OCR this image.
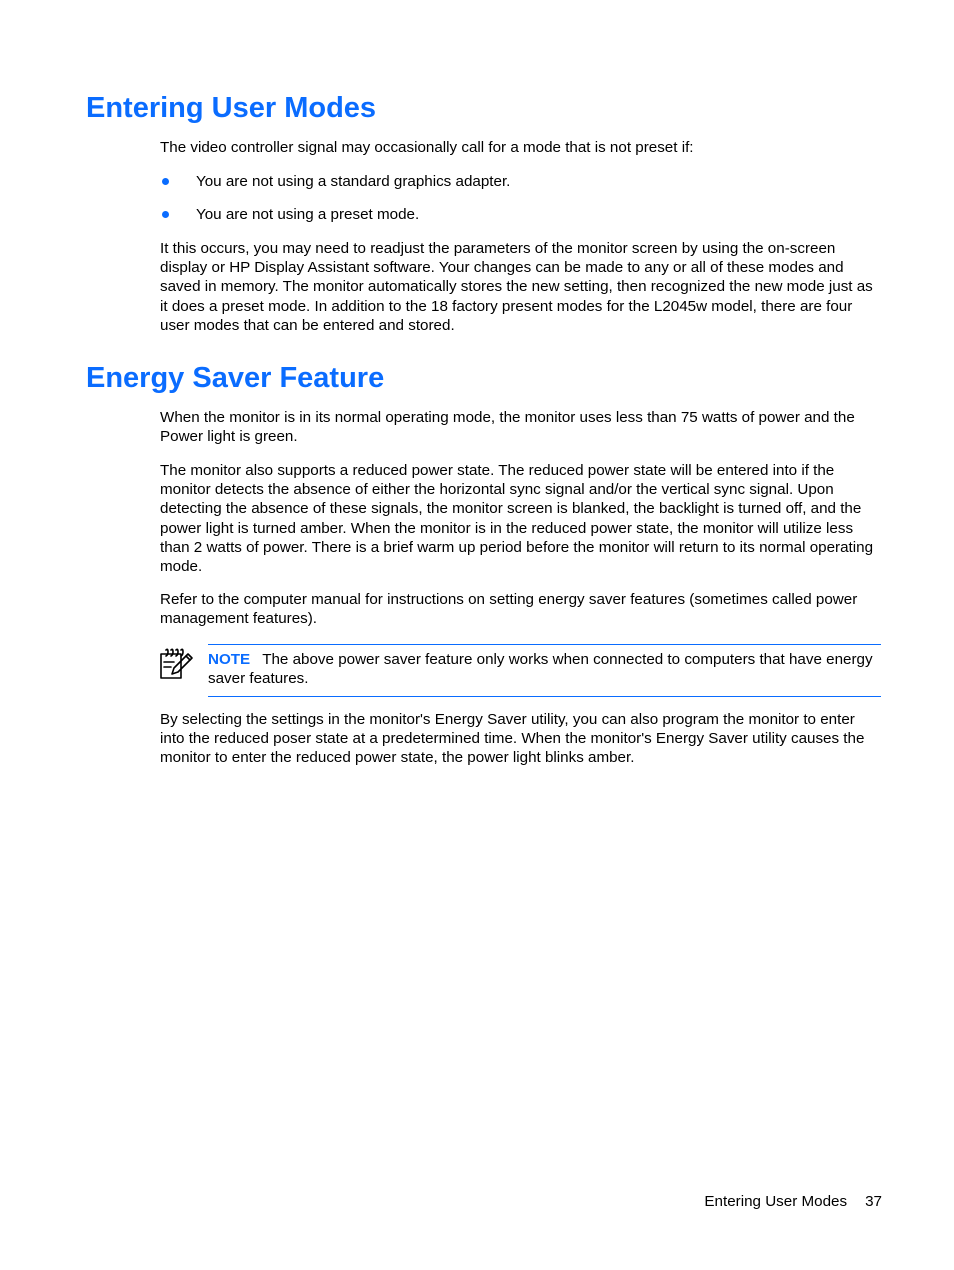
Entering User Modes

The video controller signal may occasionally call for a mode that is not preset if:

You are not using a standard graphics adapter.
You are not using a preset mode.

It this occurs, you may need to readjust the parameters of the monitor screen by using the on-screen display or HP Display Assistant software. Your changes can be made to any or all of these modes and saved in memory. The monitor automatically stores the new setting, then recognized the new mode just as it does a preset mode. In addition to the 18 factory present modes for the L2045w model, there are four user modes that can be entered and stored.

Energy Saver Feature

When the monitor is in its normal operating mode, the monitor uses less than 75 watts of power and the Power light is green.

The monitor also supports a reduced power state. The reduced power state will be entered into if the monitor detects the absence of either the horizontal sync signal and/or the vertical sync signal. Upon detecting the absence of these signals, the monitor screen is blanked, the backlight is turned off, and the power light is turned amber. When the monitor is in the reduced power state, the monitor will utilize less than 2 watts of power. There is a brief warm up period before the monitor will return to its normal operating mode.

Refer to the computer manual for instructions on setting energy saver features (sometimes called power management features).

NOTE The above power saver feature only works when connected to computers that have energy saver features.

By selecting the settings in the monitor's Energy Saver utility, you can also program the monitor to enter into the reduced poser state at a predetermined time. When the monitor's Energy Saver utility causes the monitor to enter the reduced power state, the power light blinks amber.

Entering User Modes 37
